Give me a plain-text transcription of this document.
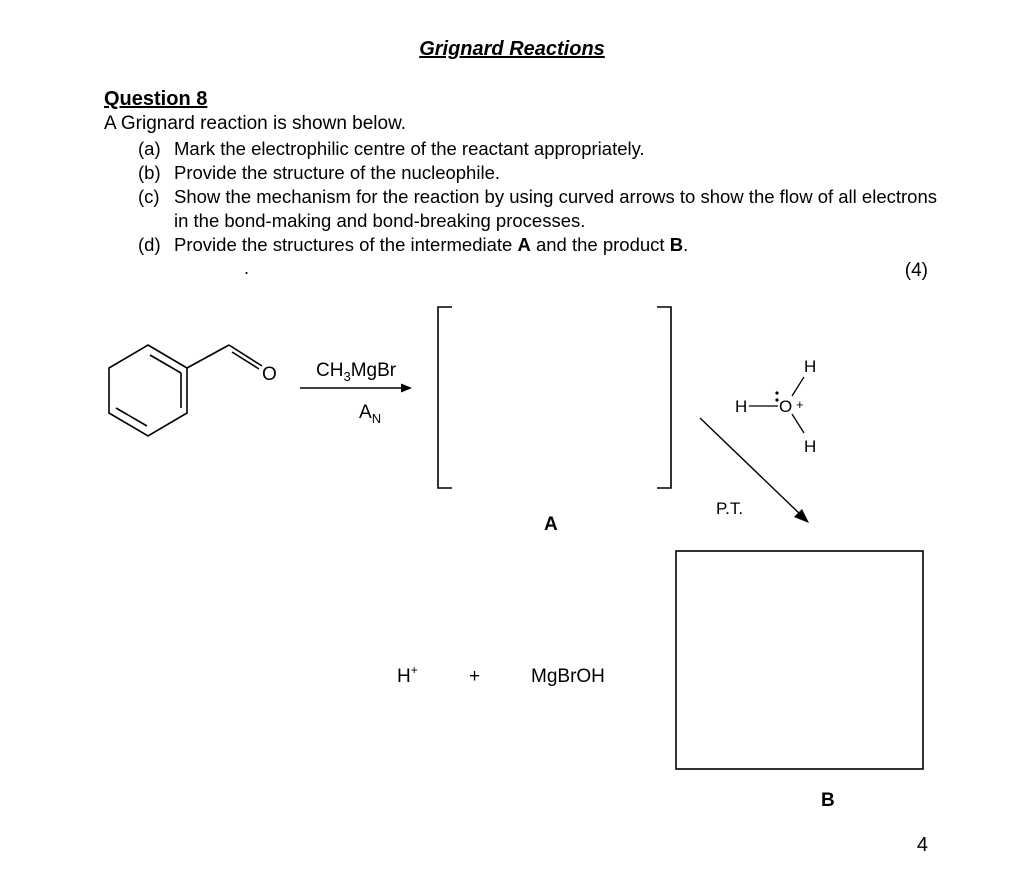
Grignard Reactions
Question 8
A Grignard reaction is shown below.
(a) Mark the electrophilic centre of the reactant appropriately.
(b) Provide the structure of the nucleophile.
(c) Show the mechanism for the reaction by using curved arrows to show the flow of all electrons in the bond-making and bond-breaking processes.
(d) Provide the structures of the intermediate A and the product B.
.	(4)
O $CH_3MgBr$
$A_N$
A
H O +
H
H
P.T.
B
H+	+	MgBrOH
4
